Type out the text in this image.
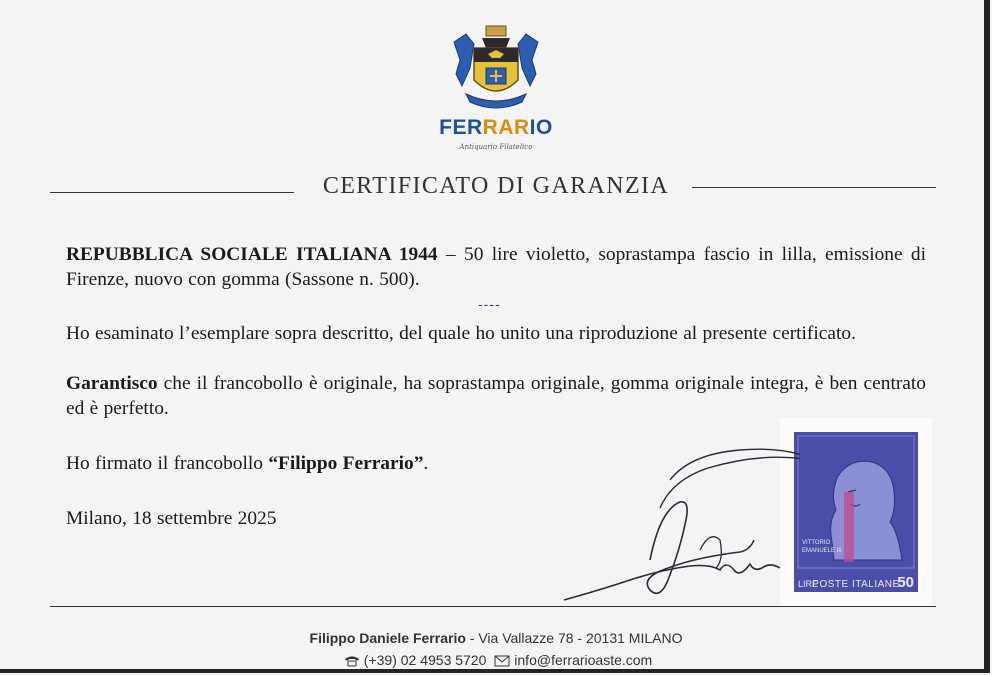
FERRARIO
Antiquario Filatelico
CERTIFICATO DI GARANZIA
REPUBBLICA SOCIALE ITALIANA 1944 – 50 lire violetto, soprastampa fascio in lilla, emissione di Firenze, nuovo con gomma (Sassone n. 500).
----
Ho esaminato l’esemplare sopra descritto, del quale ho unito una riproduzione al presente certificato.
Garantisco che il francobollo è originale, ha soprastampa originale, gomma originale integra, è ben centrato ed è perfetto.
Ho firmato il francobollo “Filippo Ferrario”.
Milano, 18 settembre 2025
VITTORIO
EMANUELE III
LIRE
POSTE ITALIANE
50
Filippo Daniele Ferrario - Via Vallazze 78 - 20131 MILANO
(+39) 02 4953 5720 info@ferrarioaste.com
